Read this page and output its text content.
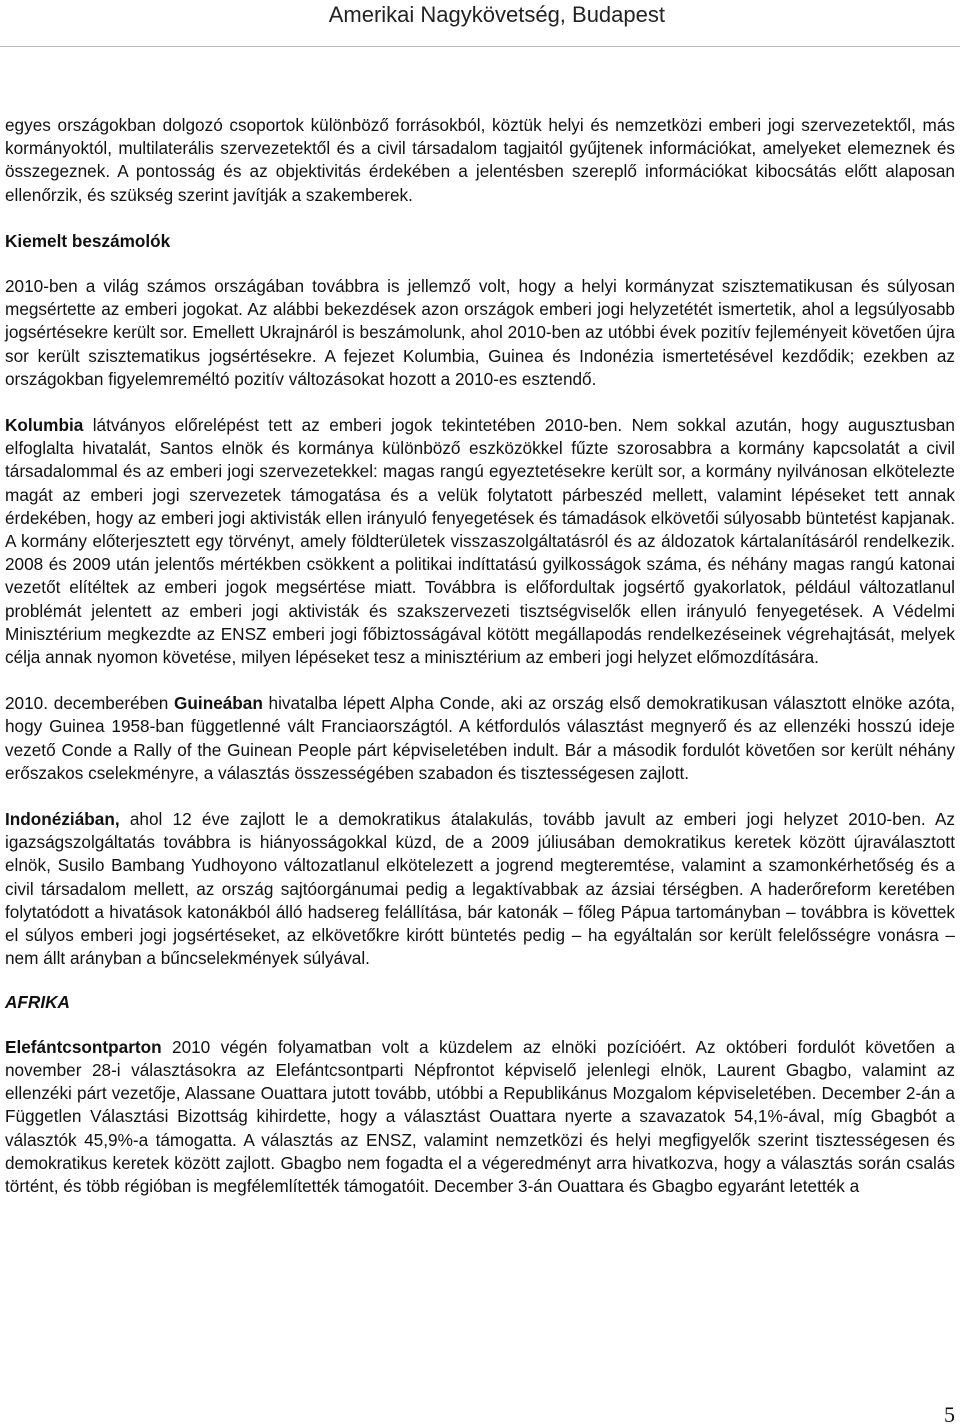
Amerikai Nagykövetség, Budapest

egyes országokban dolgozó csoportok különböző forrásokból, köztük helyi és nemzetközi emberi jogi szervezetektől, más kormányoktól, multilaterális szervezetektől és a civil társadalom tagjaitól gyűjtenek információkat, amelyeket elemeznek és összegeznek. A pontosság és az objektivitás érdekében a jelentésben szereplő információkat kibocsátás előtt alaposan ellenőrzik, és szükség szerint javítják a szakemberek.

Kiemelt beszámolók

2010-ben a világ számos országában továbbra is jellemző volt, hogy a helyi kormányzat szisztematikusan és súlyosan megsértette az emberi jogokat. Az alábbi bekezdések azon országok emberi jogi helyzetétét ismertetik, ahol a legsúlyosabb jogsértésekre került sor. Emellett Ukrajnáról is beszámolunk, ahol 2010-ben az utóbbi évek pozitív fejleményeit követően újra sor került szisztematikus jogsértésekre. A fejezet Kolumbia, Guinea és Indonézia ismertetésével kezdődik; ezekben az országokban figyelemreméltó pozitív változásokat hozott a 2010-es esztendő.

Kolumbia látványos előrelépést tett az emberi jogok tekintetében 2010-ben. Nem sokkal azután, hogy augusztusban elfoglalta hivatalát, Santos elnök és kormánya különböző eszközökkel fűzte szorosabbra a kormány kapcsolatát a civil társadalommal és az emberi jogi szervezetekkel: magas rangú egyeztetésekre került sor, a kormány nyilvánosan elkötelezte magát az emberi jogi szervezetek támogatása és a velük folytatott párbeszéd mellett, valamint lépéseket tett annak érdekében, hogy az emberi jogi aktivisták ellen irányuló fenyegetések és támadások elkövetői súlyosabb büntetést kapjanak. A kormány előterjesztett egy törvényt, amely földterületek visszaszolgáltatásról és az áldozatok kártalanításáról rendelkezik. 2008 és 2009 után jelentős mértékben csökkent a politikai indíttatású gyilkosságok száma, és néhány magas rangú katonai vezetőt elítéltek az emberi jogok megsértése miatt. Továbbra is előfordultak jogsértő gyakorlatok, például változatlanul problémát jelentett az emberi jogi aktivisták és szakszervezeti tisztségviselők ellen irányuló fenyegetések. A Védelmi Minisztérium megkezdte az ENSZ emberi jogi főbiztosságával kötött megállapodás rendelkezéseinek végrehajtását, melyek célja annak nyomon követése, milyen lépéseket tesz a minisztérium az emberi jogi helyzet előmozdítására.

2010. decemberében Guineában hivatalba lépett Alpha Conde, aki az ország első demokratikusan választott elnöke azóta, hogy Guinea 1958-ban függetlenné vált Franciaországtól. A kétfordulós választást megnyerő és az ellenzéki hosszú ideje vezető Conde a Rally of the Guinean People párt képviseletében indult. Bár a második fordulót követően sor került néhány erőszakos cselekményre, a választás összességében szabadon és tisztességesen zajlott.

Indonéziában, ahol 12 éve zajlott le a demokratikus átalakulás, tovább javult az emberi jogi helyzet 2010-ben. Az igazságszolgáltatás továbbra is hiányosságokkal küzd, de a 2009 júliusában demokratikus keretek között újraválasztott elnök, Susilo Bambang Yudhoyono változatlanul elkötelezett a jogrend megteremtése, valamint a szamonkérhetőség és a civil társadalom mellett, az ország sajtóorgánumai pedig a legaktívabbak az ázsiai térségben. A haderőreform keretében folytatódott a hivatások katonákból álló hadsereg felállítása, bár katonák – főleg Pápua tartományban – továbbra is követtek el súlyos emberi jogi jogsértéseket, az elkövetőkre kirótt büntetés pedig – ha egyáltalán sor került felelősségre vonásra – nem állt arányban a bűncselekmények súlyával.

AFRIKA

Elefántcsontparton 2010 végén folyamatban volt a küzdelem az elnöki pozícióért. Az októberi fordulót követően a november 28-i választásokra az Elefántcsontparti Népfrontot képviselő jelenlegi elnök, Laurent Gbagbo, valamint az ellenzéki párt vezetője, Alassane Ouattara jutott tovább, utóbbi a Republikánus Mozgalom képviseletében. December 2-án a Független Választási Bizottság kihirdette, hogy a választást Ouattara nyerte a szavazatok 54,1%-ával, míg Gbagbót a választók 45,9%-a támogatta. A választás az ENSZ, valamint nemzetközi és helyi megfigyelők szerint tisztességesen és demokratikus keretek között zajlott. Gbagbo nem fogadta el a végeredményt arra hivatkozva, hogy a választás során csalás történt, és több régióban is megfélemlítették támogatóit. December 3-án Ouattara és Gbagbo egyaránt letették a

5
